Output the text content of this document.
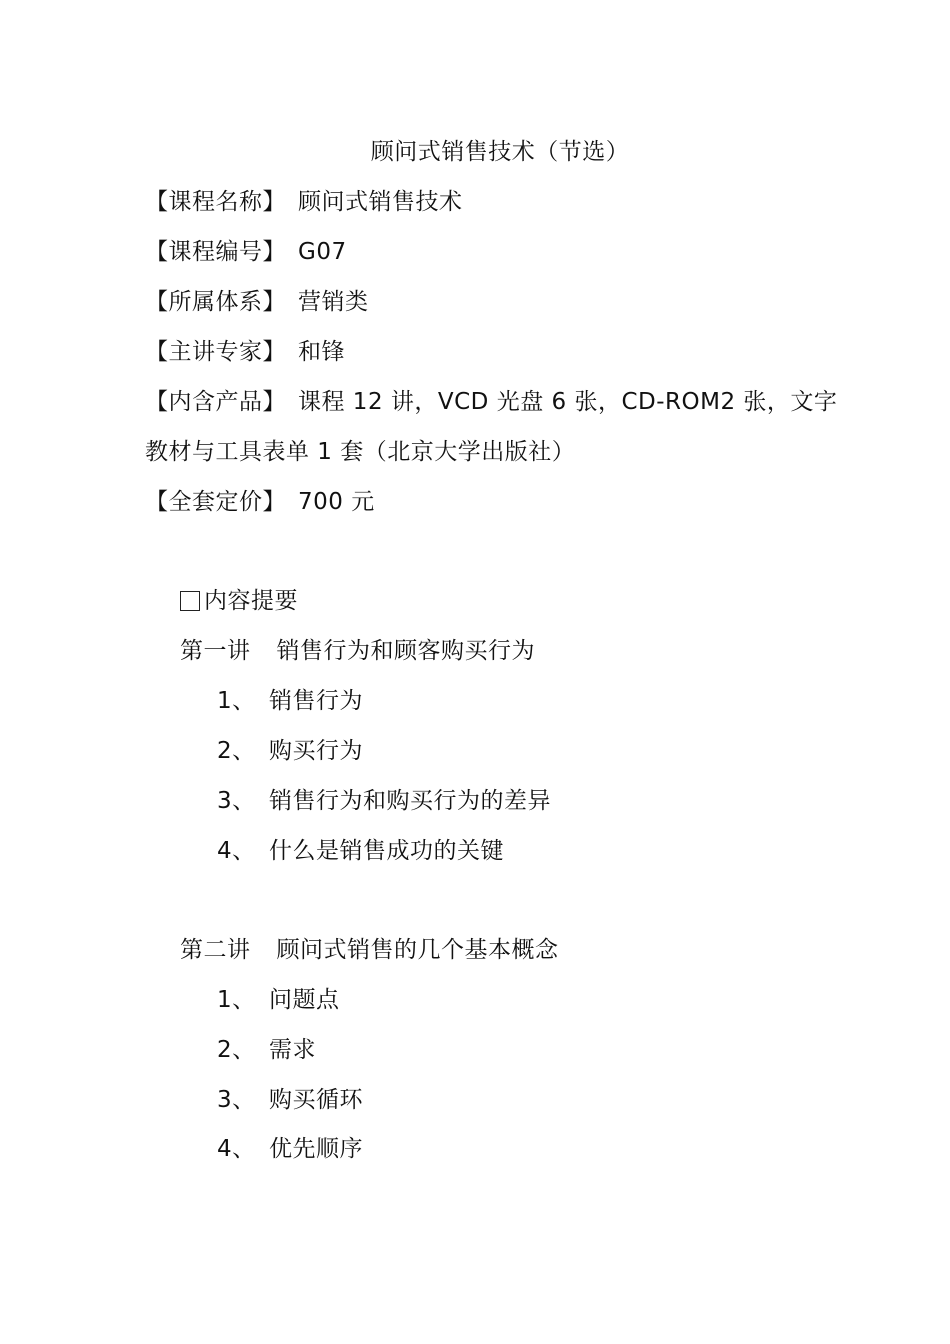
顾问式销售技术（节选）
【课程名称】 顾问式销售技术
【课程编号】 G07
【所属体系】 营销类
【主讲专家】 和锋
【内含产品】 课程 12 讲，VCD 光盘 6 张，CD-ROM2 张，文字
教材与工具表单 1 套（北京大学出版社）
【全套定价】 700 元
内容提要
第一讲 销售行为和顾客购买行为
1、 销售行为
2、 购买行为
3、 销售行为和购买行为的差异
4、 什么是销售成功的关键
第二讲 顾问式销售的几个基本概念
1、 问题点
2、 需求
3、 购买循环
4、 优先顺序
